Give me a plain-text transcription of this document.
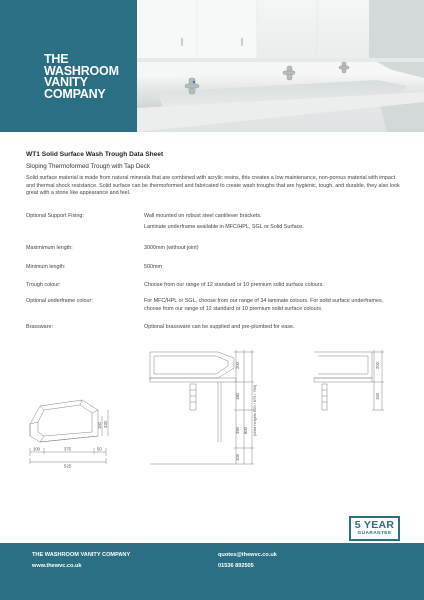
THE
WASHROOM
VANITY
COMPANY
WT1 Solid Surface Wash Trough Data Sheet
Sloping Thermoformed Trough with Tap Deck
Solid surface material is made from natural minerals that are combined with acrylic resins, this creates a low maintenance, non-porous material with impact and thermal shock resistance. Solid surface can be thermoformed and fabricated to create wash troughs that are hygienic, tough, and durable, they also look great with a stone like appearance and feel.
Optional Support Fixing:	Wall mounted on robust steel cantilever brackets.
Laminate underframe available in MFC/HPL, SGL or Solid Surface.
Maximimum length:	3000mm (without joint)
Minimum length:	500mm
Trough colour:	Choose from our range of 12 standard or 10 premium solid surface colours.
Optional underframe colour:	For MFC/HPL or SGL, choose from our range of 34 laminate colours. For solid surface underframes, choose from our range of 12 standard or 10 premium solid surface colours.
Brassware:	Optional brassware can be supplied and pre-plumbed for ease.
100	375	50
525
150 330
200
180
390 800
105
(child heights 600 / 675 / 763)
200
150
5 YEAR
GUARANTEE
THE WASHROOM VANITY COMPANY
www.thewvc.co.uk
quotes@thewvc.co.uk
01536 892505
